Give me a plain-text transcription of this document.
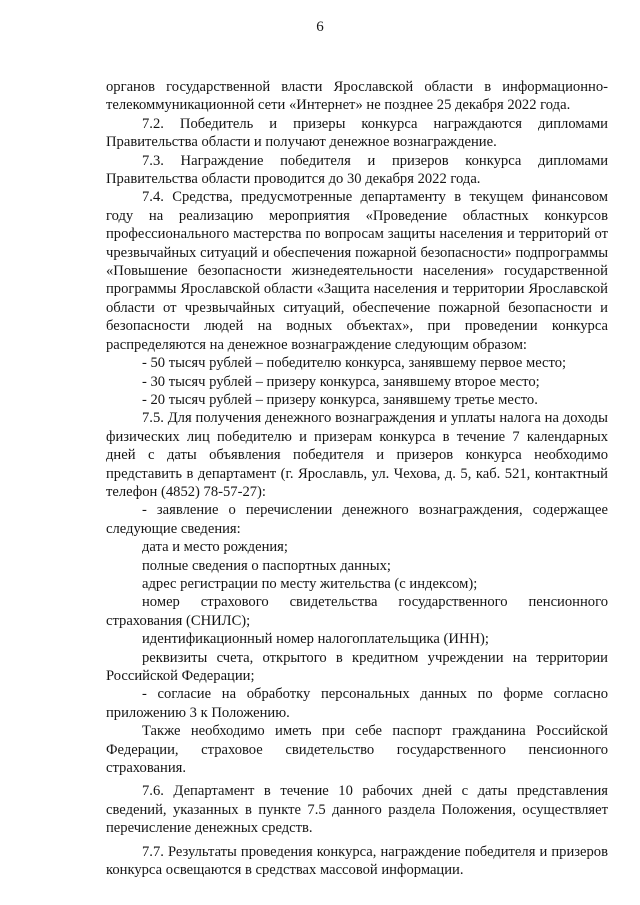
6

органов государственной власти Ярославской области в информационно-телекоммуникационной сети «Интернет» не позднее 25 декабря 2022 года.

7.2. Победитель и призеры конкурса награждаются дипломами Правительства области и получают денежное вознаграждение.

7.3. Награждение победителя и призеров конкурса дипломами Правительства области проводится до 30 декабря 2022 года.

7.4. Средства, предусмотренные департаменту в текущем финансовом году на реализацию мероприятия «Проведение областных конкурсов профессионального мастерства по вопросам защиты населения и территорий от чрезвычайных ситуаций и обеспечения пожарной безопасности» подпрограммы «Повышение безопасности жизнедеятельности населения» государственной программы Ярославской области «Защита населения и территории Ярославской области от чрезвычайных ситуаций, обеспечение пожарной безопасности и безопасности людей на водных объектах», при проведении конкурса распределяются на денежное вознаграждение следующим образом:

- 50 тысяч рублей – победителю конкурса, занявшему первое место;

- 30 тысяч рублей – призеру конкурса, занявшему второе место;

- 20 тысяч рублей – призеру конкурса, занявшему третье место.

7.5. Для получения денежного вознаграждения и уплаты налога на доходы физических лиц победителю и призерам конкурса в течение 7 календарных дней с даты объявления победителя и призеров конкурса необходимо представить в департамент (г. Ярославль, ул. Чехова, д. 5, каб. 521, контактный телефон (4852) 78-57-27):

- заявление о перечислении денежного вознаграждения, содержащее следующие сведения:

дата и место рождения;

полные сведения о паспортных данных;

адрес регистрации по месту жительства (с индексом);

номер страхового свидетельства государственного пенсионного страхования (СНИЛС);

идентификационный номер налогоплательщика (ИНН);

реквизиты счета, открытого в кредитном учреждении на территории Российской Федерации;

- согласие на обработку персональных данных по форме согласно приложению 3 к Положению.

Также необходимо иметь при себе паспорт гражданина Российской Федерации, страховое свидетельство государственного пенсионного страхования.

7.6. Департамент в течение 10 рабочих дней с даты представления сведений, указанных в пункте 7.5 данного раздела Положения, осуществляет перечисление денежных средств.

7.7. Результаты проведения конкурса, награждение победителя и призеров конкурса освещаются в средствах массовой информации.
